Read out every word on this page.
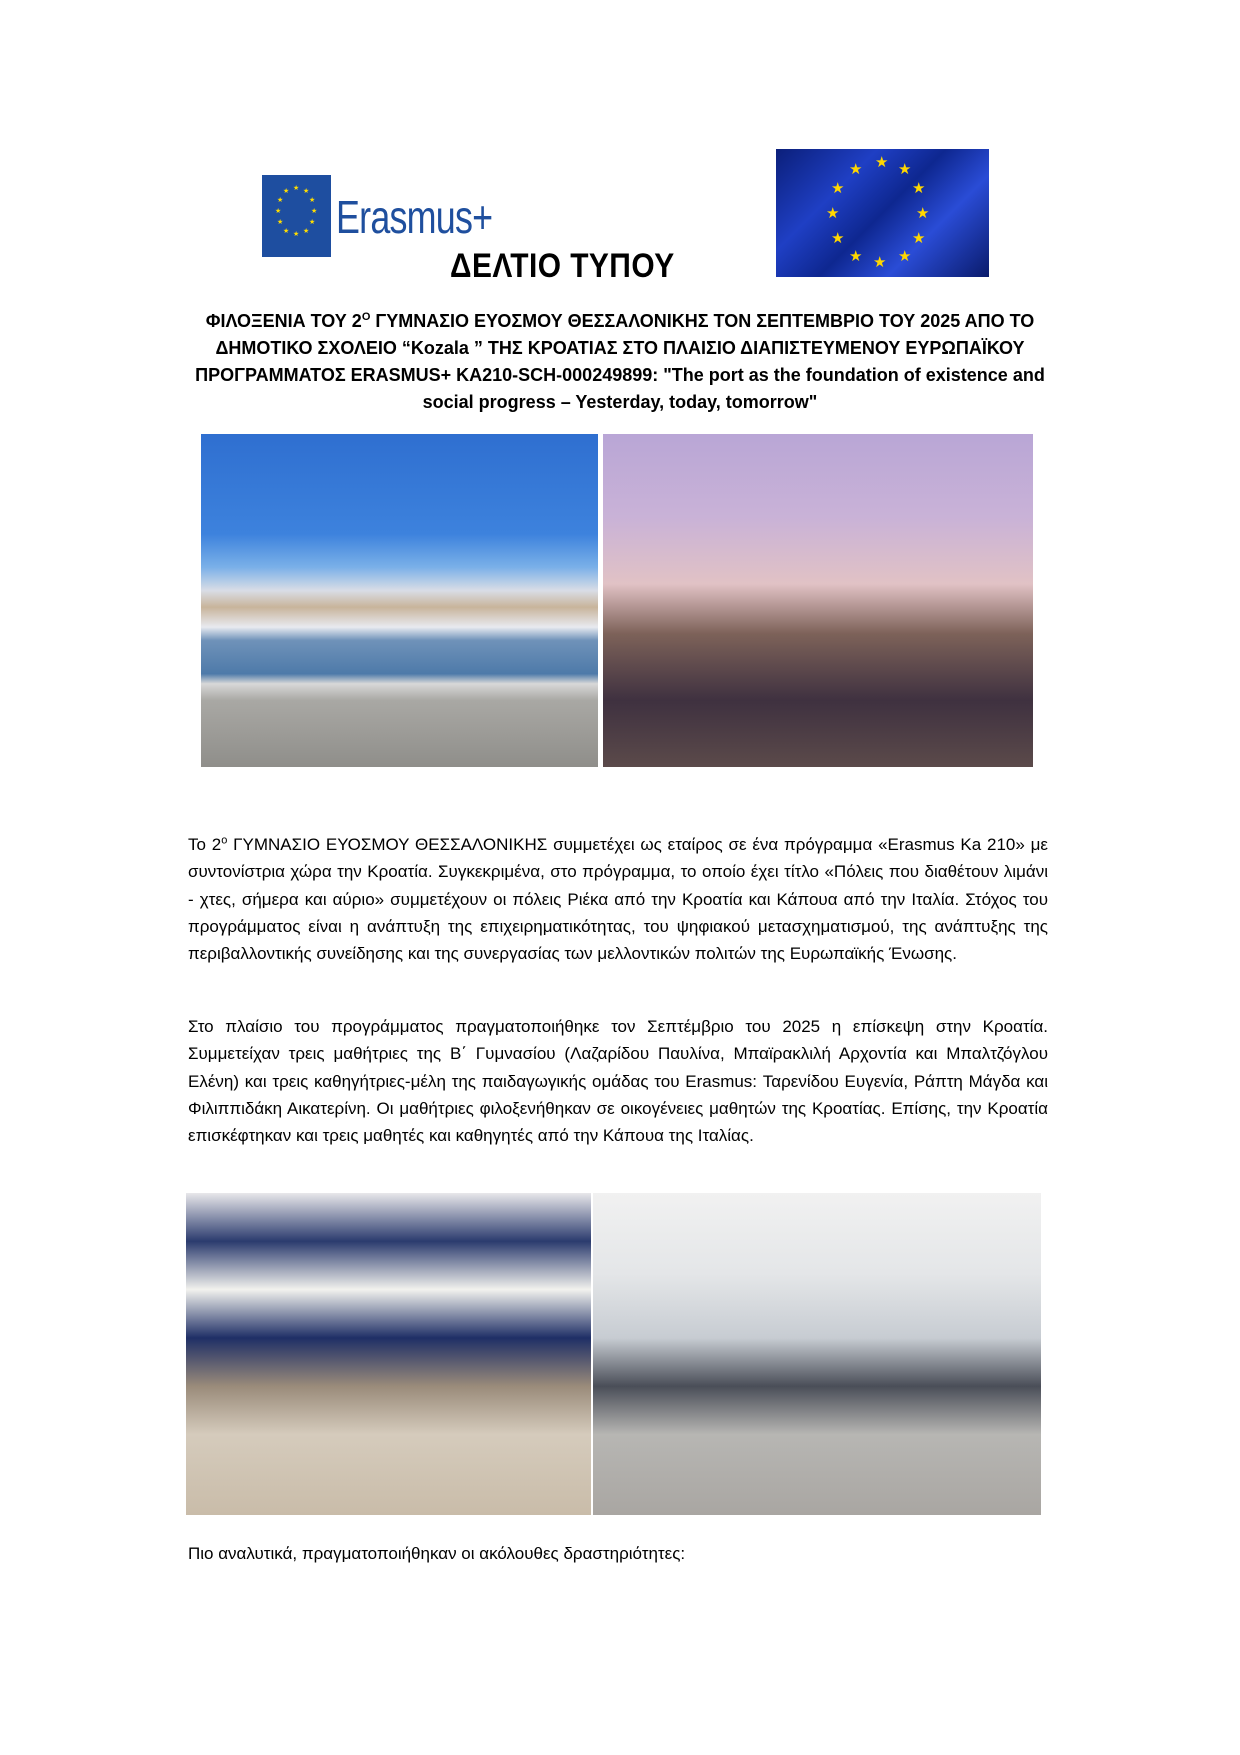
★ ★
★
★
★
★
★
★
★
★
★
★ Erasmus+
★
★ ★
★	★
★	★
★	★
★ ★
★
ΔΕΛΤΙΟ ΤΥΠΟΥ
ΦΙΛΟΞΕΝΙΑ ΤΟΥ $2^O$ ΓΥΜΝΑΣΙΟ ΕΥΟΣΜΟΥ ΘΕΣΣΑΛΟΝΙΚΗΣ ΤΟΝ ΣΕΠΤΕΜΒΡΙΟ ΤΟΥ 2025 ΑΠΟ ΤΟ
ΔΗΜΟΤΙΚΟ ΣΧΟΛΕΙΟ “Kozala ” ΤΗΣ ΚΡΟΑΤΙΑΣ ΣΤΟ ΠΛΑΙΣΙΟ ΔΙΑΠΙΣΤΕΥΜΕΝΟΥ ΕΥΡΩΠΑΪΚΟΥ
ΠΡΟΓΡΑΜΜΑΤΟΣ ERASMUS+ KA210-SCH-000249899: "The port as the foundation of existence and
social progress – Yesterday, today, tomorrow"
Το $2^o$ ΓΥΜΝΑΣΙΟ ΕΥΟΣΜΟΥ ΘΕΣΣΑΛΟΝΙΚΗΣ συμμετέχει ως εταίρος σε ένα πρόγραμμα «Erasmus Ka 210» με συντονίστρια χώρα την Κροατία. Συγκεκριμένα, στο πρόγραμμα, το οποίο έχει τίτλο «Πόλεις που διαθέτουν λιμάνι - χτες, σήμερα και αύριο» συμμετέχουν οι πόλεις Ριέκα από την Κροατία και Κάπουα από την Ιταλία. Στόχος του προγράμματος είναι η ανάπτυξη της επιχειρηματικότητας, του ψηφιακού μετασχηματισμού, της ανάπτυξης της περιβαλλοντικής συνείδησης και της συνεργασίας των μελλοντικών πολιτών της Ευρωπαϊκής Ένωσης.
Στο πλαίσιο του προγράμματος πραγματοποιήθηκε τον Σεπτέμβριο του 2025 η επίσκεψη στην Κροατία. Συμμετείχαν τρεις μαθήτριες της Β΄ Γυμνασίου (Λαζαρίδου Παυλίνα, Μπαϊρακλιλή Αρχοντία και Μπαλτζόγλου Ελένη) και τρεις καθηγήτριες-μέλη της παιδαγωγικής ομάδας του Erasmus: Ταρενίδου Ευγενία, Ράπτη Μάγδα και Φιλιππιδάκη Αικατερίνη. Οι μαθήτριες φιλοξενήθηκαν σε οικογένειες μαθητών της Κροατίας. Επίσης, την Κροατία επισκέφτηκαν και τρεις μαθητές και καθηγητές από την Κάπουα της Ιταλίας.
Πιο αναλυτικά, πραγματοποιήθηκαν οι ακόλουθες δραστηριότητες:
